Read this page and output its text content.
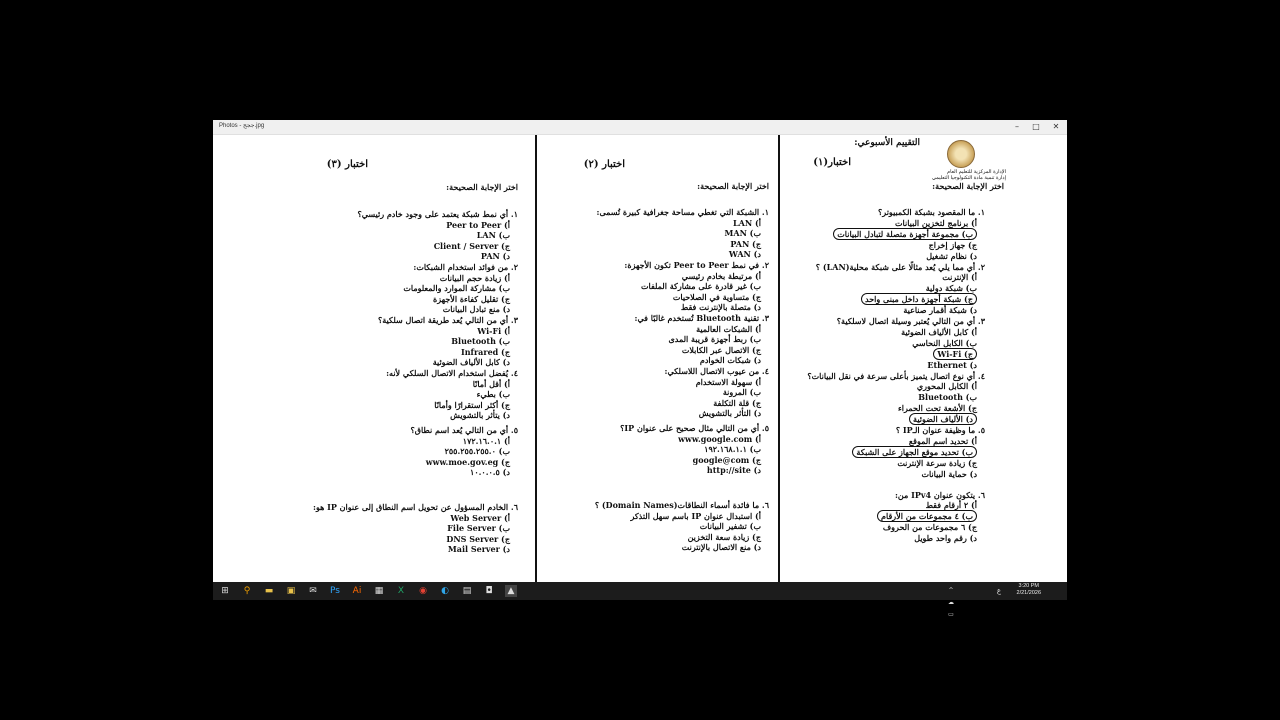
Photos - ججج.jpg	–	□	✕
التقييم الأسبوعي:
الإدارة المركزية للتعليم العام
إدارة تنمية مادة التكنولوجيا التعليمي
اختبار(١)
اختر الإجابة الصحيحة:
١. ما المقصود بشبكة الكمبيوتر؟
أ) برنامج لتخزين البيانات
ب) مجموعة أجهزة متصلة لتبادل البيانات
ج) جهاز إخراج
د) نظام تشغيل
٢. أي مما يلي يُعد مثالًا على شبكة محلية(LAN) ؟
أ) الإنترنت
ب) شبكة دولية
ج) شبكة أجهزة داخل مبنى واحد
د) شبكة أقمار صناعية
٣. أي من التالي يُعتبر وسيلة اتصال لاسلكية؟
أ) كابل الألياف الضوئية
ب) الكابل النحاسي
ج) Wi-Fi
د) Ethernet
٤. أي نوع اتصال يتميز بأعلى سرعة في نقل البيانات؟
أ) الكابل المحوري
ب) Bluetooth
ج) الأشعة تحت الحمراء
د) الألياف الضوئية
٥. ما وظيفة عنوان الـIP ؟
أ) تحديد اسم الموقع
ب) تحديد موقع الجهاز على الشبكة
ج) زيادة سرعة الإنترنت
د) حماية البيانات
٦. يتكون عنوان IPv4 من:
أ) ٢ أرقام فقط
ب) ٤ مجموعات من الأرقام
ج) ٦ مجموعات من الحروف
د) رقم واحد طويل
اختبار (٢)
اختر الإجابة الصحيحة:
١. الشبكة التي تغطي مساحة جغرافية كبيرة تُسمى:
أ) LAN
ب) MAN
ج) PAN
د) WAN
٢. في نمط Peer to Peer تكون الأجهزة:
أ) مرتبطة بخادم رئيسي
ب) غير قادرة على مشاركة الملفات
ج) متساوية في الصلاحيات
د) متصلة بالإنترنت فقط
٣. تقنية Bluetooth تُستخدم غالبًا في:
أ) الشبكات العالمية
ب) ربط أجهزة قريبة المدى
ج) الاتصال عبر الكابلات
د) شبكات الخوادم
٤. من عيوب الاتصال اللاسلكي:
أ) سهولة الاستخدام
ب) المرونة
ج) قلة التكلفة
د) التأثر بالتشويش
٥. أي من التالي مثال صحيح على عنوان IP؟
أ) www.google.com
ب) ١٩٢.١٦٨.١.١
ج) google@com
د) http://site
٦. ما فائدة أسماء النطاقات(Domain Names) ؟
أ) استبدال عنوان IP باسم سهل التذكر
ب) تشفير البيانات
ج) زيادة سعة التخزين
د) منع الاتصال بالإنترنت
اختبار (٣)
اختر الإجابة الصحيحة:
١. أي نمط شبكة يعتمد على وجود خادم رئيسي؟
أ) Peer to Peer
ب) LAN
ج) Client / Server
د) PAN
٢. من فوائد استخدام الشبكات:
أ) زيادة حجم البيانات
ب) مشاركة الموارد والمعلومات
ج) تقليل كفاءة الأجهزة
د) منع تبادل البيانات
٣. أي من التالي يُعد طريقة اتصال سلكية؟
أ) Wi-Fi
ب) Bluetooth
ج) Infrared
د) كابل الألياف الضوئية
٤. يُفضل استخدام الاتصال السلكي لأنه:
أ) أقل أمانًا
ب) بطيء
ج) أكثر استقرارًا وأمانًا
د) يتأثر بالتشويش
٥. أي من التالي يُعد اسم نطاق؟
أ) ١٧٢.١٦.٠.١
ب) ٢٥٥.٢٥٥.٢٥٥.٠
ج) www.moe.gov.eg
د) ١٠.٠.٠.٥
٦. الخادم المسؤول عن تحويل اسم النطاق إلى عنوان IP هو:
أ) Web Server
ب) File Server
ج) DNS Server
د) Mail Server
⊞	⚲	▬ ▣ ✉ Ps Ai ▦	X	◉ ◐ ▤ ◘ ▲	^ ☁ ▭
ع
3:20 PM
2/21/2026
